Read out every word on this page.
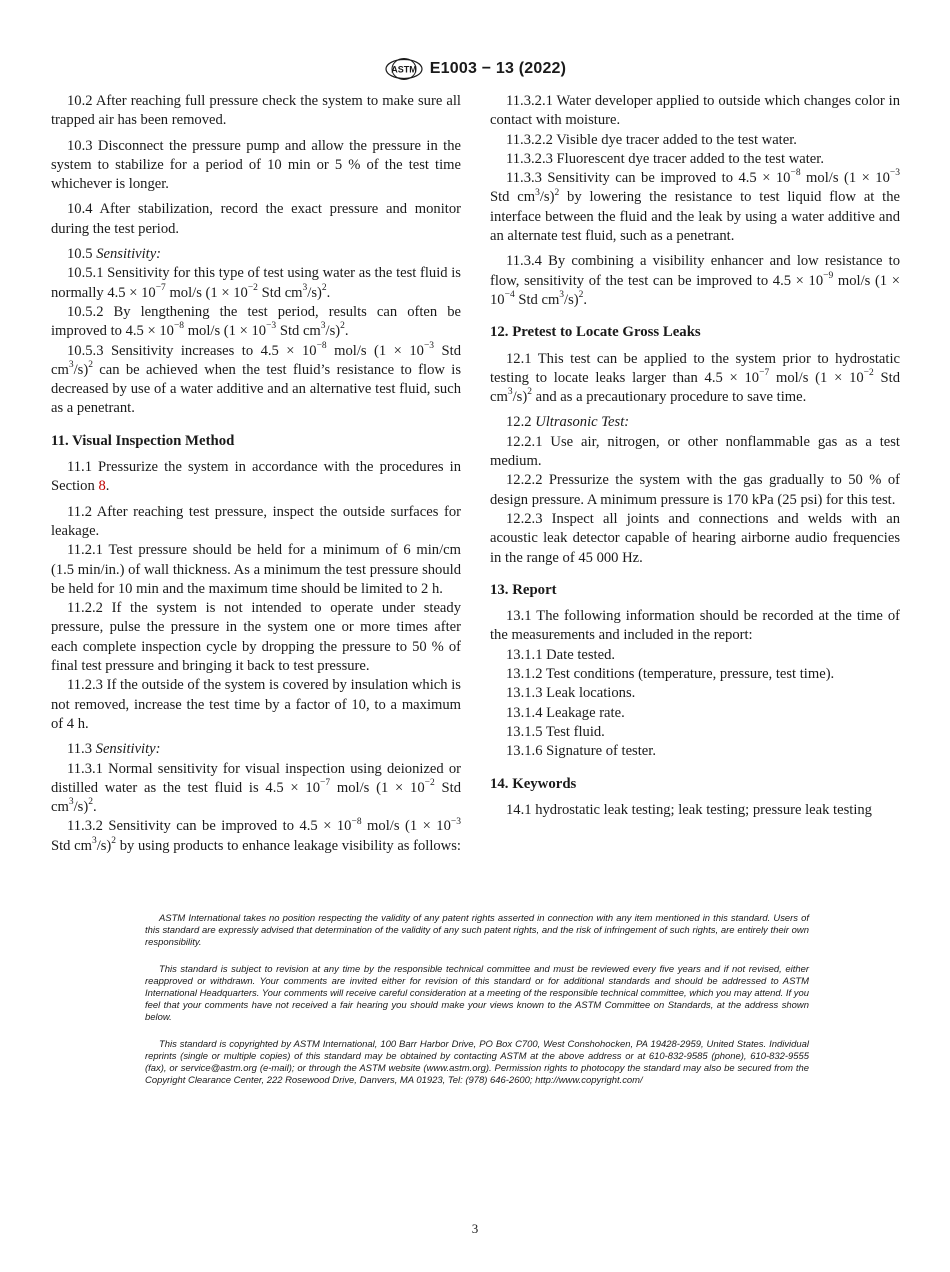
ASTM E1003 − 13 (2022)

10.2 After reaching full pressure check the system to make sure all trapped air has been removed.

10.3 Disconnect the pressure pump and allow the pressure in the system to stabilize for a period of 10 min or 5 % of the test time whichever is longer.

10.4 After stabilization, record the exact pressure and monitor during the test period.

10.5 Sensitivity:

10.5.1 Sensitivity for this type of test using water as the test fluid is normally $4.5 \times 10^{-7}$ mol/s ($1 \times 10^{-2}$ Std $cm^3/s)^2$.

10.5.2 By lengthening the test period, results can often be improved to $4.5 \times 10^{-8}$ mol/s ($1 \times 10^{-3}$ Std $cm^3/s)^2$.

10.5.3 Sensitivity increases to $4.5 \times 10^{-8}$ mol/s ($1 \times 10^{-3}$ Std $cm^3/s)^2$ can be achieved when the test fluid’s resistance to flow is decreased by use of a water additive and an alternative test fluid, such as a penetrant.

11. Visual Inspection Method

11.1 Pressurize the system in accordance with the procedures in Section 8.

11.2 After reaching test pressure, inspect the outside surfaces for leakage.

11.2.1 Test pressure should be held for a minimum of 6 min/cm (1.5 min/in.) of wall thickness. As a minimum the test pressure should be held for 10 min and the maximum time should be limited to 2 h.

11.2.2 If the system is not intended to operate under steady pressure, pulse the pressure in the system one or more times after each complete inspection cycle by dropping the pressure to 50 % of final test pressure and bringing it back to test pressure.

11.2.3 If the outside of the system is covered by insulation which is not removed, increase the test time by a factor of 10, to a maximum of 4 h.

11.3 Sensitivity:

11.3.1 Normal sensitivity for visual inspection using deionized or distilled water as the test fluid is $4.5 \times 10^{-7}$ mol/s ($1 \times 10^{-2}$ Std $cm^3/s)^2$.

11.3.2 Sensitivity can be improved to $4.5 \times 10^{-8}$ mol/s ($1 \times 10^{-3}$ Std $cm^3/s)^2$ by using products to enhance leakage visibility as follows:

11.3.2.1 Water developer applied to outside which changes color in contact with moisture.

11.3.2.2 Visible dye tracer added to the test water.

11.3.2.3 Fluorescent dye tracer added to the test water.

11.3.3 Sensitivity can be improved to $4.5 \times 10^{-8}$ mol/s ($1 \times 10^{-3}$ Std $cm^3/s)^2$ by lowering the resistance to test liquid flow at the interface between the fluid and the leak by using a water additive and an alternate test fluid, such as a penetrant.

11.3.4 By combining a visibility enhancer and low resistance to flow, sensitivity of the test can be improved to $4.5 \times 10^{-9}$ mol/s ($1 \times 10^{-4}$ Std $cm^3/s)^2$.

12. Pretest to Locate Gross Leaks

12.1 This test can be applied to the system prior to hydrostatic testing to locate leaks larger than $4.5 \times 10^{-7}$ mol/s ($1 \times 10^{-2}$ Std $cm^3/s)^2$ and as a precautionary procedure to save time.

12.2 Ultrasonic Test:

12.2.1 Use air, nitrogen, or other nonflammable gas as a test medium.

12.2.2 Pressurize the system with the gas gradually to 50 % of design pressure. A minimum pressure is 170 kPa (25 psi) for this test.

12.2.3 Inspect all joints and connections and welds with an acoustic leak detector capable of hearing airborne audio frequencies in the range of 45 000 Hz.

13. Report

13.1 The following information should be recorded at the time of the measurements and included in the report:

13.1.1 Date tested.

13.1.2 Test conditions (temperature, pressure, test time).

13.1.3 Leak locations.

13.1.4 Leakage rate.

13.1.5 Test fluid.

13.1.6 Signature of tester.

14. Keywords

14.1 hydrostatic leak testing; leak testing; pressure leak testing

ASTM International takes no position respecting the validity of any patent rights asserted in connection with any item mentioned in this standard. Users of this standard are expressly advised that determination of the validity of any such patent rights, and the risk of infringement of such rights, are entirely their own responsibility.

This standard is subject to revision at any time by the responsible technical committee and must be reviewed every five years and if not revised, either reapproved or withdrawn. Your comments are invited either for revision of this standard or for additional standards and should be addressed to ASTM International Headquarters. Your comments will receive careful consideration at a meeting of the responsible technical committee, which you may attend. If you feel that your comments have not received a fair hearing you should make your views known to the ASTM Committee on Standards, at the address shown below.

This standard is copyrighted by ASTM International, 100 Barr Harbor Drive, PO Box C700, West Conshohocken, PA 19428-2959, United States. Individual reprints (single or multiple copies) of this standard may be obtained by contacting ASTM at the above address or at 610-832-9585 (phone), 610-832-9555 (fax), or service@astm.org (e-mail); or through the ASTM website (www.astm.org). Permission rights to photocopy the standard may also be secured from the Copyright Clearance Center, 222 Rosewood Drive, Danvers, MA 01923, Tel: (978) 646-2600; http://www.copyright.com/

3
